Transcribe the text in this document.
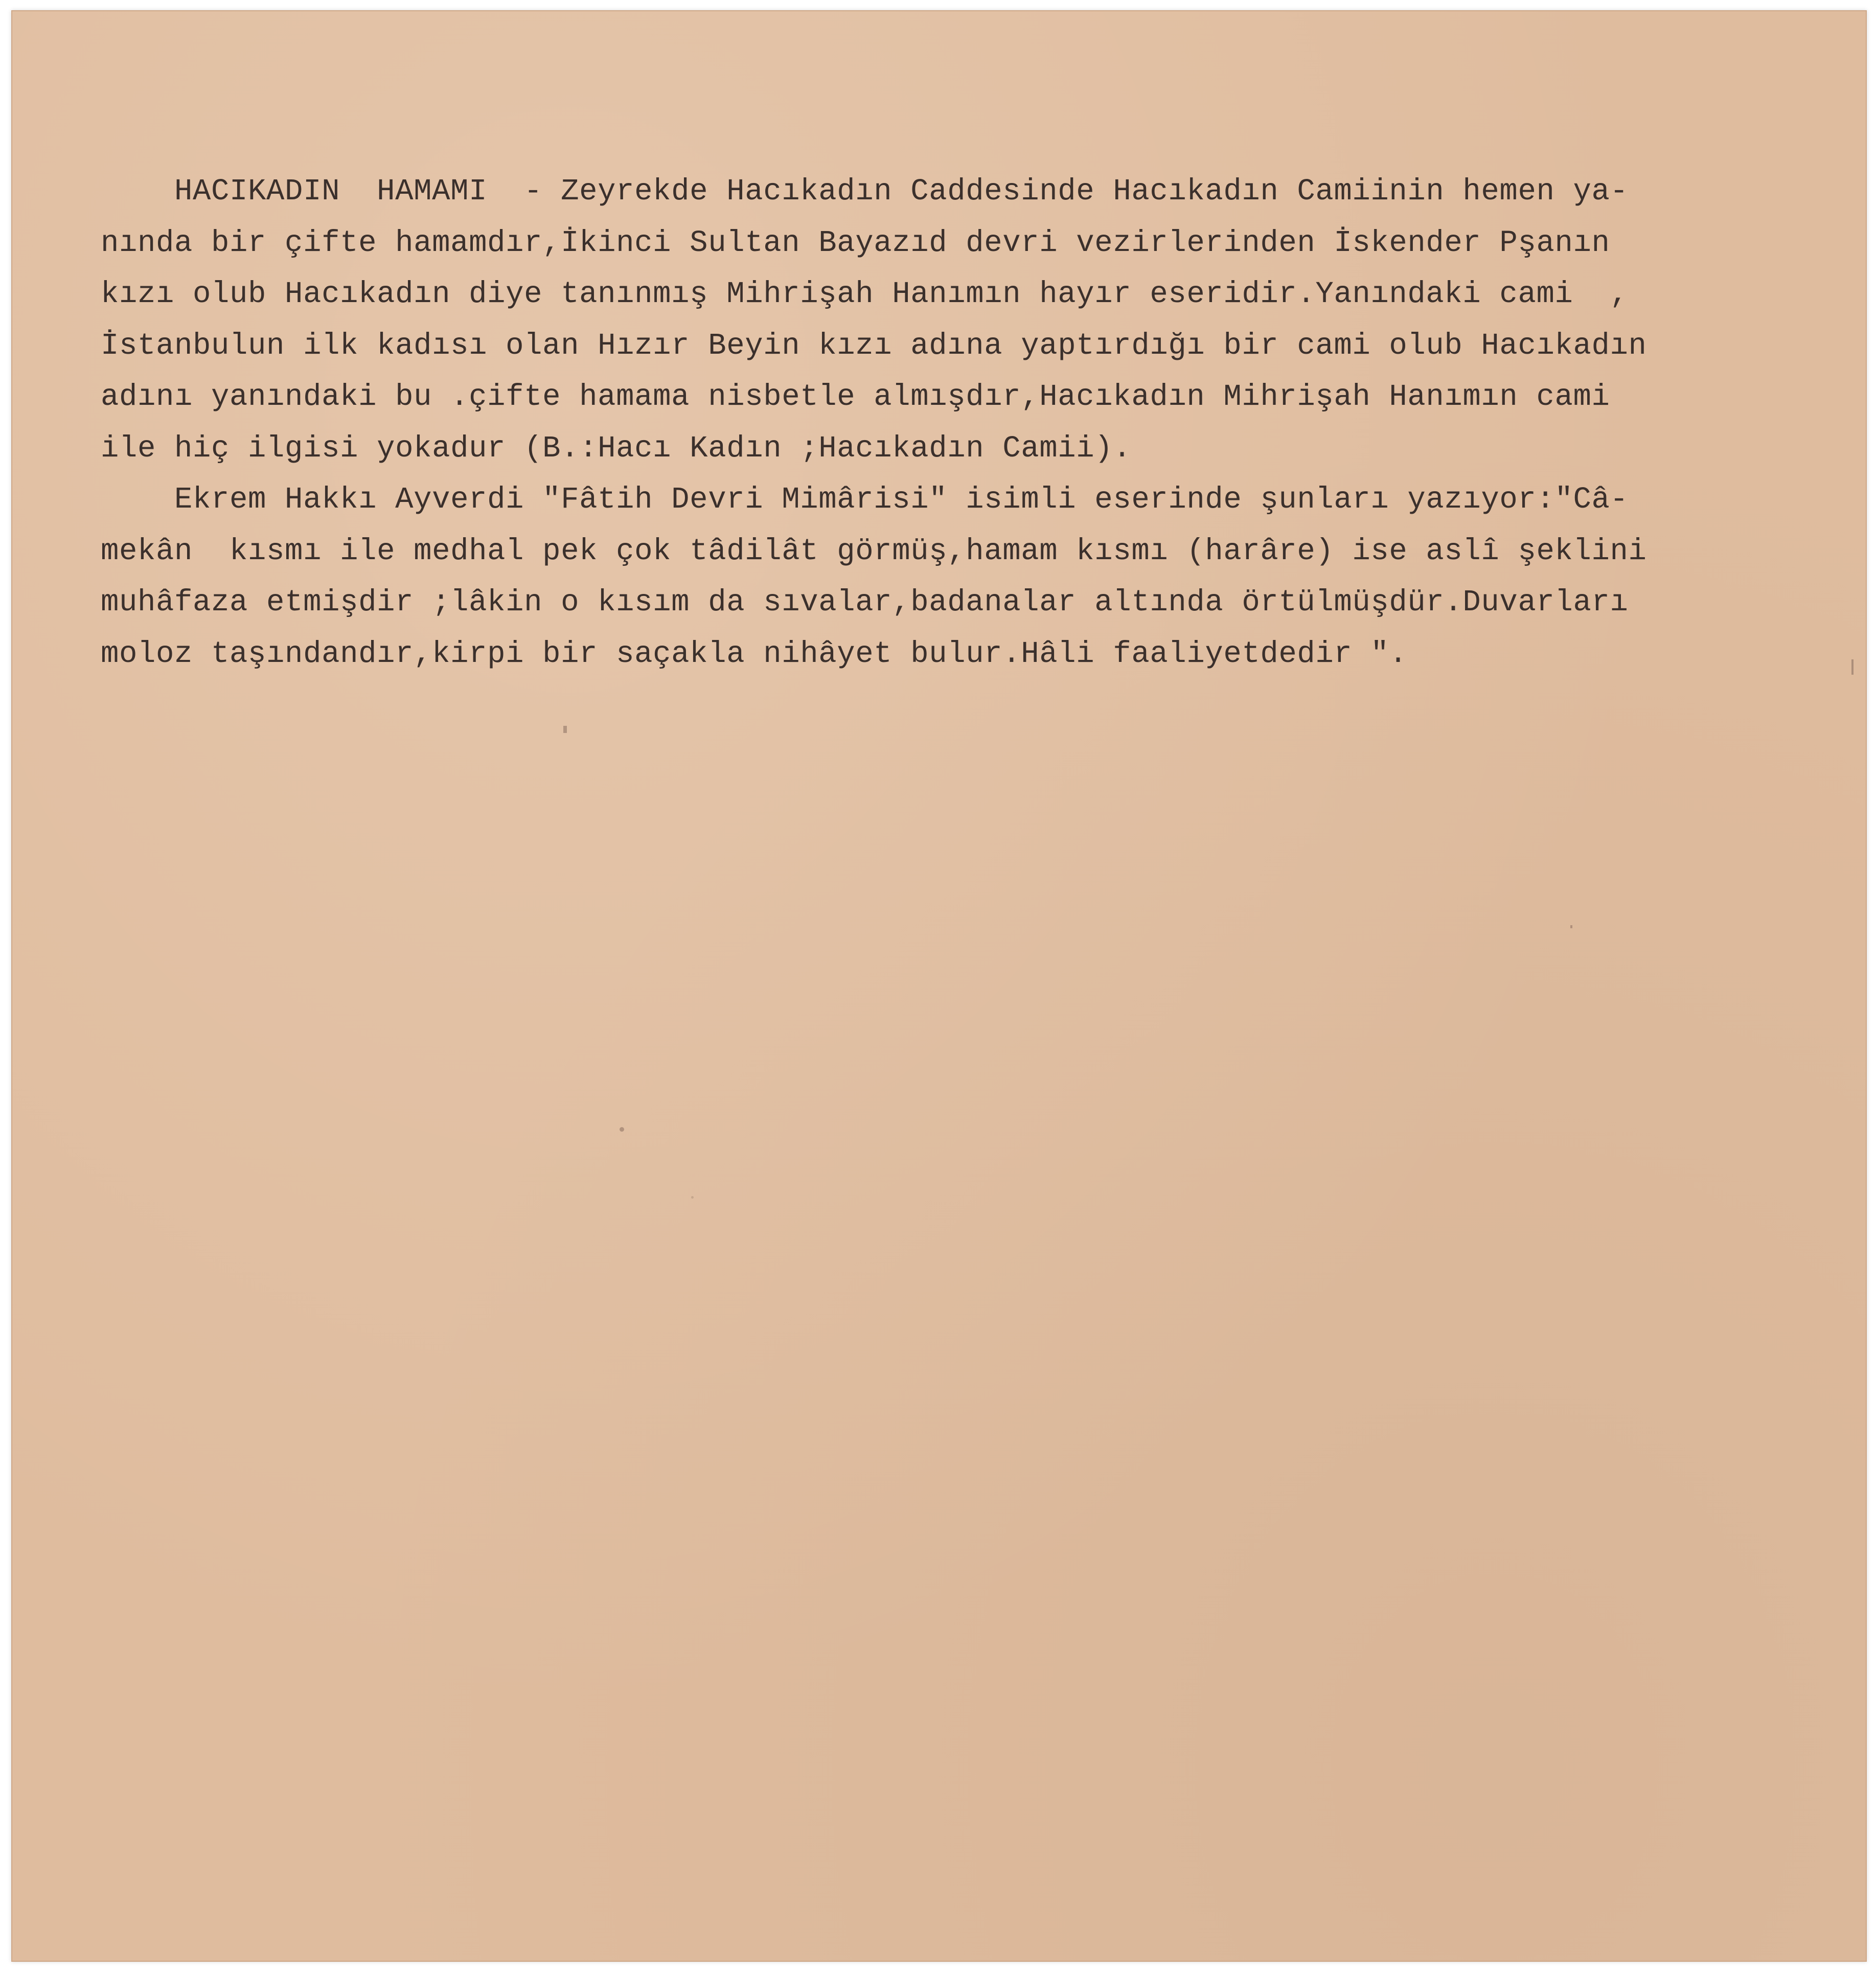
HACIKADIN  HAMAMI  - Zeyrekde Hacıkadın Caddesinde Hacıkadın Camiinin hemen ya-
nında bir çifte hamamdır,İkinci Sultan Bayazıd devri vezirlerinden İskender Pşanın
kızı olub Hacıkadın diye tanınmış Mihrişah Hanımın hayır eseridir.Yanındaki cami  ,
İstanbulun ilk kadısı olan Hızır Beyin kızı adına yaptırdığı bir cami olub Hacıkadın
adını yanındaki bu .çifte hamama nisbetle almışdır,Hacıkadın Mihrişah Hanımın cami
ile hiç ilgisi yokadur (B.:Hacı Kadın ;Hacıkadın Camii).
Ekrem Hakkı Ayverdi "Fâtih Devri Mimârisi" isimli eserinde şunları yazıyor:"Câ-
mekân  kısmı ile medhal pek çok tâdilât görmüş,hamam kısmı (harâre) ise aslî şeklini
muhâfaza etmişdir ;lâkin o kısım da sıvalar,badanalar altında örtülmüşdür.Duvarları
moloz taşındandır,kirpi bir saçakla nihâyet bulur.Hâli faaliyetdedir ".
